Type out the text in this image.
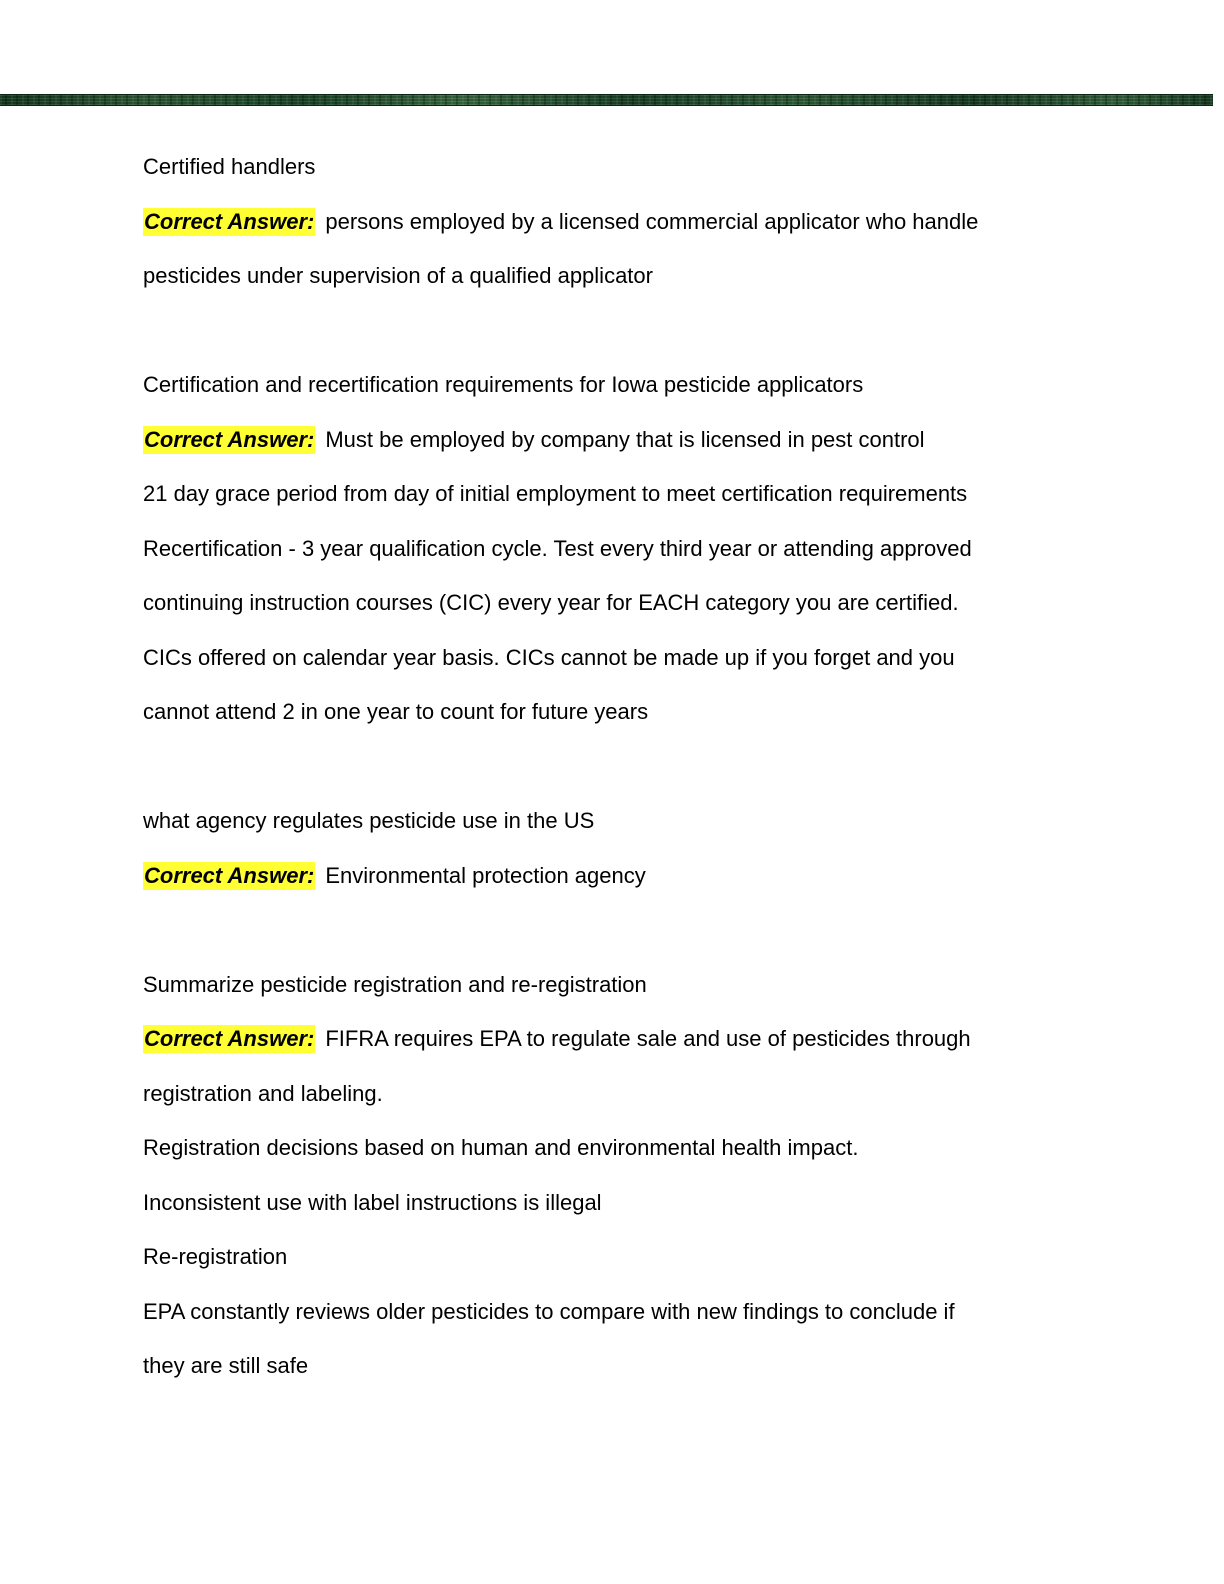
Certified handlers
Correct Answer: persons employed by a licensed commercial applicator who handle
pesticides under supervision of a qualified applicator
Certification and recertification requirements for Iowa pesticide applicators
Correct Answer: Must be employed by company that is licensed in pest control
21 day grace period from day of initial employment to meet certification requirements
Recertification - 3 year qualification cycle. Test every third year or attending approved
continuing instruction courses (CIC) every year for EACH category you are certified.
CICs offered on calendar year basis. CICs cannot be made up if you forget and you
cannot attend 2 in one year to count for future years
what agency regulates pesticide use in the US
Correct Answer: Environmental protection agency
Summarize pesticide registration and re-registration
Correct Answer: FIFRA requires EPA to regulate sale and use of pesticides through
registration and labeling.
Registration decisions based on human and environmental health impact.
Inconsistent use with label instructions is illegal
Re-registration
EPA constantly reviews older pesticides to compare with new findings to conclude if
they are still safe
